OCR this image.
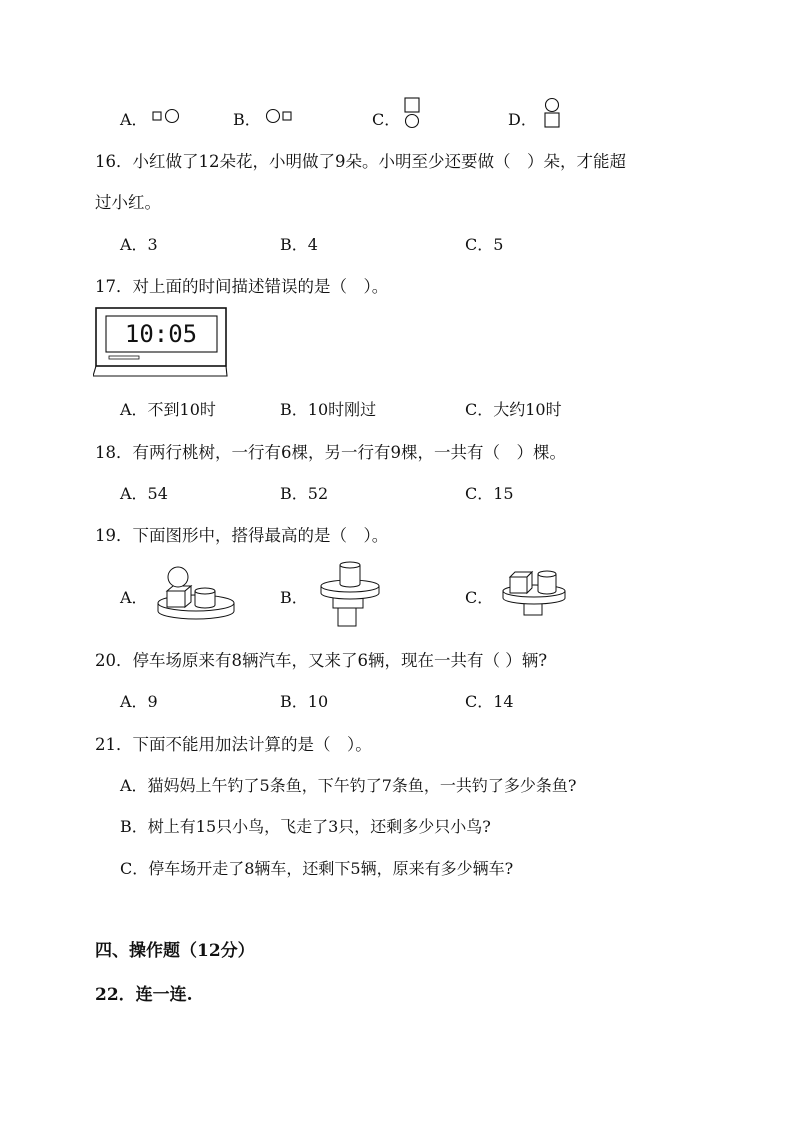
A．	B．	C．	D．
16．小红做了12朵花，小明做了9朵。小明至少还要做（　）朵，才能超
过小红。
A．3	B．4	C．5
17．对上面的时间描述错误的是（　）。
10:05
A．不到10时	B．10时刚过	C．大约10时
18．有两行桃树，一行有6棵，另一行有9棵，一共有（　）棵。
A．54	B．52	C．15
19．下面图形中，搭得最高的是（　）。
A．	B．	C．
20．停车场原来有8辆汽车，又来了6辆，现在一共有（ ）辆?
A．9	B．10	C．14
21．下面不能用加法计算的是（　）。
A．猫妈妈上午钓了5条鱼，下午钓了7条鱼，一共钓了多少条鱼?
B．树上有15只小鸟，飞走了3只，还剩多少只小鸟?
C．停车场开走了8辆车，还剩下5辆，原来有多少辆车?
四、操作题（12分）
22．连一连.
